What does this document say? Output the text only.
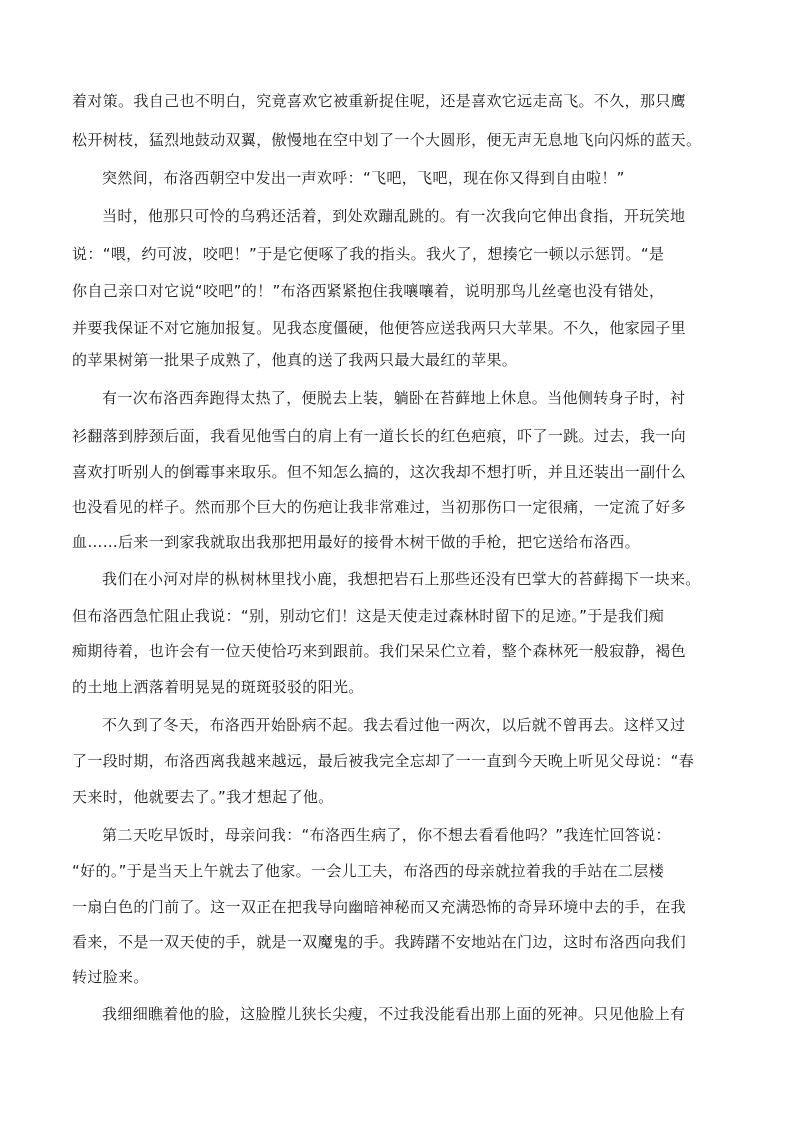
着对策。我自己也不明白，究竟喜欢它被重新捉住呢，还是喜欢它远走高飞。不久，那只鹰

松开树枝，猛烈地鼓动双翼，傲慢地在空中划了一个大圆形，便无声无息地飞向闪烁的蓝天。

突然间，布洛西朝空中发出一声欢呼：“飞吧，飞吧，现在你又得到自由啦！”

当时，他那只可怜的乌鸦还活着，到处欢蹦乱跳的。有一次我向它伸出食指，开玩笑地

说：“喂，约可波，咬吧！”于是它便啄了我的指头。我火了，想揍它一顿以示惩罚。“是

你自己亲口对它说“咬吧”的！”布洛西紧紧抱住我嚷嚷着，说明那鸟儿丝毫也没有错处，

并要我保证不对它施加报复。见我态度僵硬，他便答应送我两只大苹果。不久，他家园子里

的苹果树第一批果子成熟了，他真的送了我两只最大最红的苹果。

有一次布洛西奔跑得太热了，便脱去上装，躺卧在苔藓地上休息。当他侧转身子时，衬

衫翻落到脖颈后面，我看见他雪白的肩上有一道长长的红色疤痕，吓了一跳。过去，我一向

喜欢打听别人的倒霉事来取乐。但不知怎么搞的，这次我却不想打听，并且还装出一副什么

也没看见的样子。然而那个巨大的伤疤让我非常难过，当初那伤口一定很痛，一定流了好多

血……后来一到家我就取出我那把用最好的接骨木树干做的手枪，把它送给布洛西。

我们在小河对岸的枞树林里找小鹿，我想把岩石上那些还没有巴掌大的苔藓揭下一块来。

但布洛西急忙阻止我说：“别，别动它们！这是天使走过森林时留下的足迹。”于是我们痴

痴期待着，也许会有一位天使恰巧来到跟前。我们呆呆伫立着，整个森林死一般寂静，褐色

的土地上洒落着明晃晃的斑斑驳驳的阳光。

不久到了冬天，布洛西开始卧病不起。我去看过他一两次，以后就不曾再去。这样又过

了一段时期，布洛西离我越来越远，最后被我完全忘却了一一直到今天晚上听见父母说：“春

天来时，他就要去了。”我才想起了他。

第二天吃早饭时，母亲问我：“布洛西生病了，你不想去看看他吗？”我连忙回答说：

“好的。”于是当天上午就去了他家。一会儿工夫，布洛西的母亲就拉着我的手站在二层楼

一扇白色的门前了。这一双正在把我导向幽暗神秘而又充满恐怖的奇异环境中去的手，在我

看来，不是一双天使的手，就是一双魔鬼的手。我踌躇不安地站在门边，这时布洛西向我们

转过脸来。

我细细瞧着他的脸，这脸膛儿狭长尖瘦，不过我没能看出那上面的死神。只见他脸上有
